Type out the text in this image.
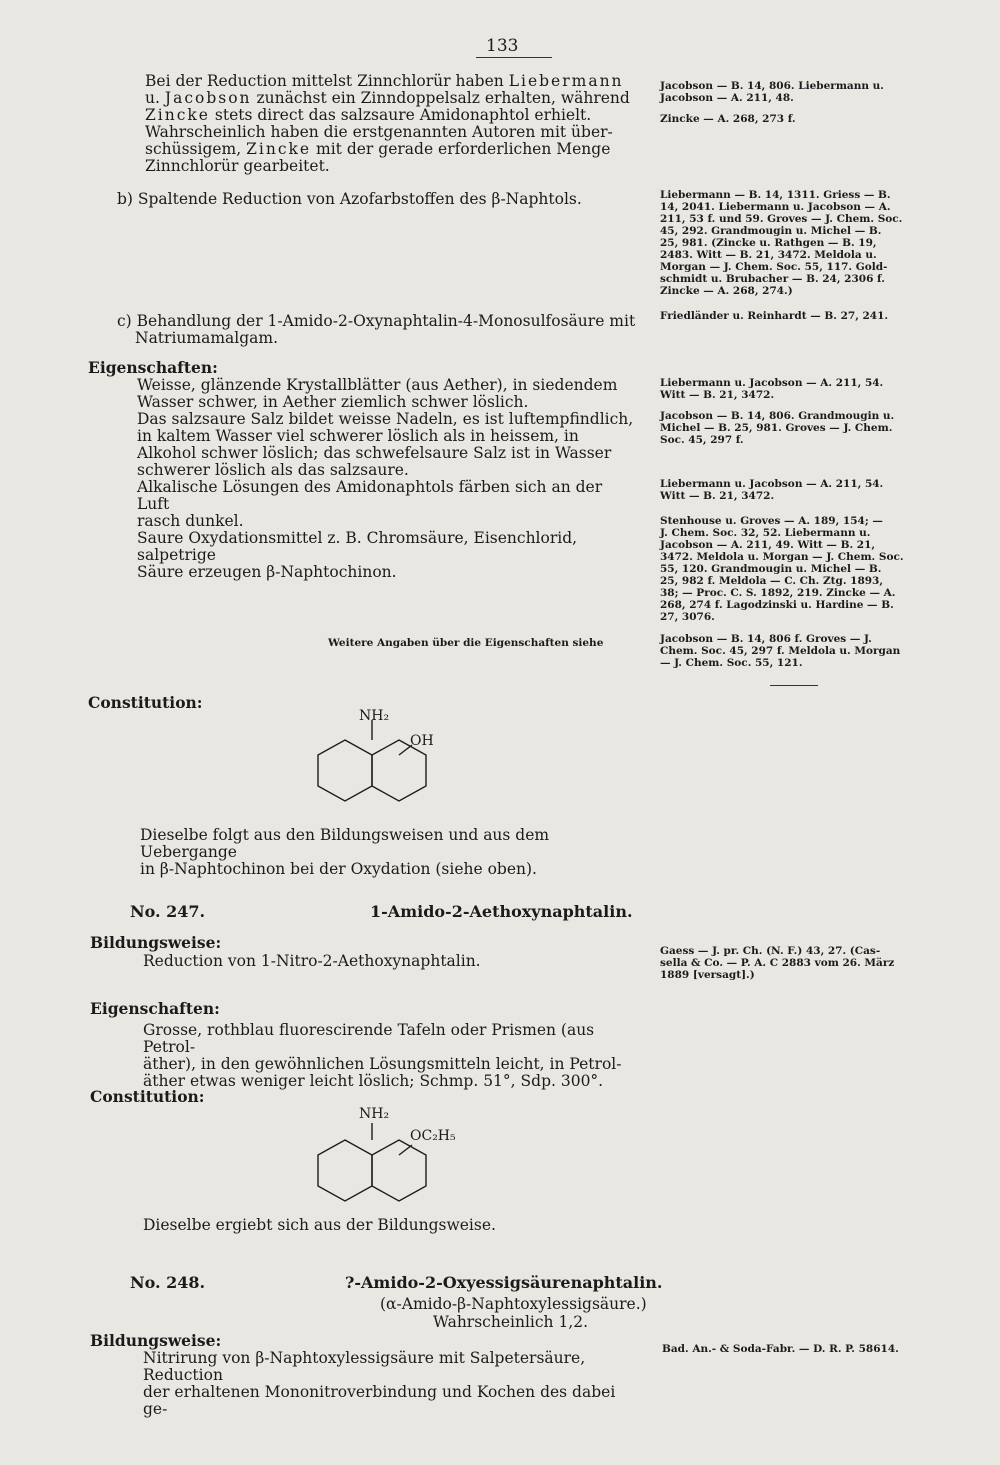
133

Bei der Reduction mittelst Zinnchlorür haben Liebermann

u. Jacobson zunächst ein Zinndoppelsalz erhalten, während

Zincke stets direct das salzsaure Amidonaphtol erhielt.

Wahrscheinlich haben die erstgenannten Autoren mit über-

schüssigem, Zincke mit der gerade erforderlichen Menge

Zinnchlorür gearbeitet.

b) Spaltende Reduction von Azofarbstoffen des β-Naphtols.

c) Behandlung der 1-Amido-2-Oxynaphtalin-4-Monosulfosäure mit

Natriumamalgam.

Eigenschaften:

Weisse, glänzende Krystallblätter (aus Aether), in siedendem

Wasser schwer, in Aether ziemlich schwer löslich.

Das salzsaure Salz bildet weisse Nadeln, es ist luftempfindlich,

in kaltem Wasser viel schwerer löslich als in heissem, in

Alkohol schwer löslich; das schwefelsaure Salz ist in Wasser

schwerer löslich als das salzsaure.

Alkalische Lösungen des Amidonaphtols färben sich an der Luft

rasch dunkel.

Saure Oxydationsmittel z. B. Chromsäure, Eisenchlorid, salpetrige

Säure erzeugen β-Naphtochinon.

Weitere Angaben über die Eigenschaften siehe
Constitution:
NH₂
OH

Dieselbe folgt aus den Bildungsweisen und aus dem Uebergange

in β-Naphtochinon bei der Oxydation (siehe oben).

No. 247.	1-Amido-2-Aethoxynaphtalin.
Bildungsweise:
Reduction von 1-Nitro-2-Aethoxynaphtalin.
Eigenschaften:

Grosse, rothblau fluorescirende Tafeln oder Prismen (aus Petrol-

äther), in den gewöhnlichen Lösungsmitteln leicht, in Petrol-

äther etwas weniger leicht löslich; Schmp. 51°, Sdp. 300°.

Constitution:
NH₂
OC₂H₅
Dieselbe ergiebt sich aus der Bildungsweise.
No. 248.	?-Amido-2-Oxyessigsäurenaphtalin.
(α-Amido-β-Naphtoxylessigsäure.)
Wahrscheinlich 1,2.
Bildungsweise:

Nitrirung von β-Naphtoxylessigsäure mit Salpetersäure, Reduction

der erhaltenen Mononitroverbindung und Kochen des dabei ge-

Jacobson — B. 14, 806. Liebermann u.

Jacobson — A. 211, 48.

Zincke — A. 268, 273 f.

Liebermann — B. 14, 1311. Griess — B.

14, 2041. Liebermann u. Jacobson — A.

211, 53 f. und 59. Groves — J. Chem. Soc.

45, 292. Grandmougin u. Michel — B.

25, 981. (Zincke u. Rathgen — B. 19,

2483. Witt — B. 21, 3472. Meldola u.

Morgan — J. Chem. Soc. 55, 117. Gold-

schmidt u. Brubacher — B. 24, 2306 f.

Zincke — A. 268, 274.)

Friedländer u. Reinhardt — B. 27, 241.

Liebermann u. Jacobson — A. 211, 54.

Witt — B. 21, 3472.

Jacobson — B. 14, 806. Grandmougin u.

Michel — B. 25, 981. Groves — J. Chem.

Soc. 45, 297 f.

Liebermann u. Jacobson — A. 211, 54.

Witt — B. 21, 3472.

Stenhouse u. Groves — A. 189, 154; —

J. Chem. Soc. 32, 52. Liebermann u.

Jacobson — A. 211, 49. Witt — B. 21,

3472. Meldola u. Morgan — J. Chem. Soc.

55, 120. Grandmougin u. Michel — B.

25, 982 f. Meldola — C. Ch. Ztg. 1893,

38; — Proc. C. S. 1892, 219. Zincke — A.

268, 274 f. Lagodzinski u. Hardine — B.

27, 3076.

Jacobson — B. 14, 806 f. Groves — J.

Chem. Soc. 45, 297 f. Meldola u. Morgan

— J. Chem. Soc. 55, 121.

Gaess — J. pr. Ch. (N. F.) 43, 27. (Cas-

sella & Co. — P. A. C 2883 vom 26. März

1889 [versagt].)

Bad. An.- & Soda-Fabr. — D. R. P. 58614.
